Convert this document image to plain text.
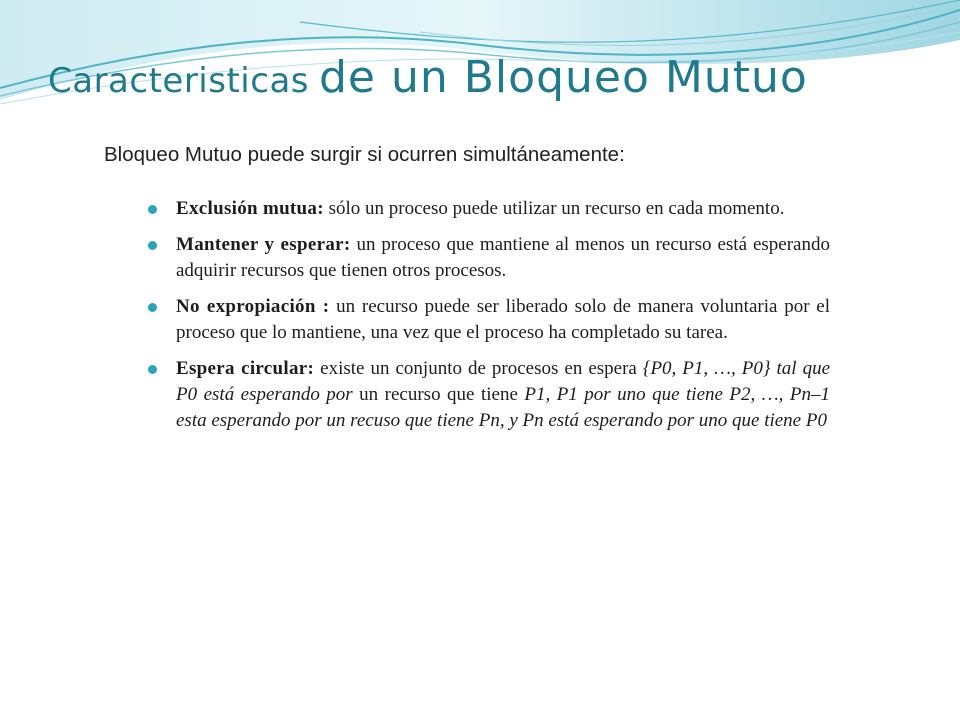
Caracteristicas de un Bloqueo Mutuo
Bloqueo Mutuo puede surgir si ocurren simultáneamente:
Exclusión mutua: sólo un proceso puede utilizar un recurso en cada momento.
Mantener y esperar: un proceso que mantiene al menos un recurso está esperando adquirir recursos que tienen otros procesos.
No expropiación : un recurso puede ser liberado solo de manera voluntaria por el proceso que lo mantiene, una vez que el proceso ha completado su tarea.
Espera circular: existe un conjunto de procesos en espera {P0, P1, …, P0} tal que P0 está esperando por un recurso que tiene P1, P1 por uno que tiene P2, …, Pn–1 esta esperando por un recuso que tiene Pn, y Pn está esperando por uno que tiene P0
